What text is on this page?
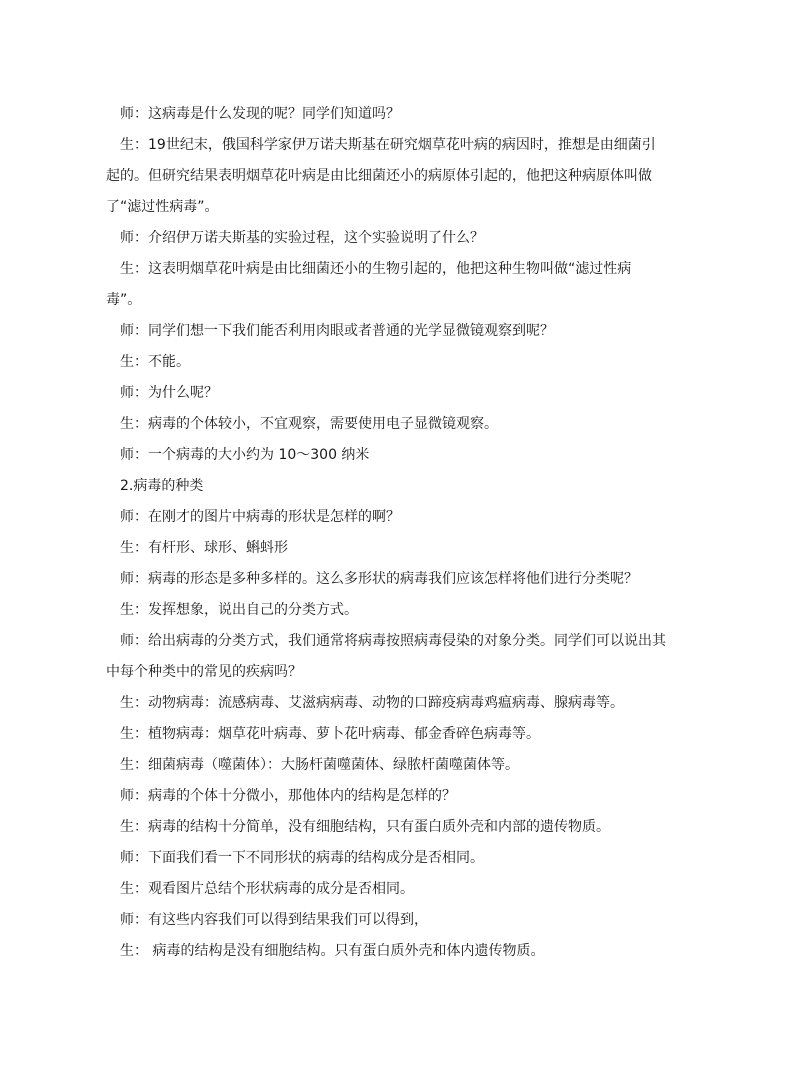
师：这病毒是什么发现的呢？同学们知道吗？

生：19世纪末，俄国科学家伊万诺夫斯基在研究烟草花叶病的病因时，推想是由细菌引起的。但研究结果表明烟草花叶病是由比细菌还小的病原体引起的，他把这种病原体叫做了“滤过性病毒”。

师：介绍伊万诺夫斯基的实验过程，这个实验说明了什么？

生：这表明烟草花叶病是由比细菌还小的生物引起的，他把这种生物叫做“滤过性病毒”。

师：同学们想一下我们能否利用肉眼或者普通的光学显微镜观察到呢？

生：不能。

师：为什么呢？

生：病毒的个体较小，不宜观察，需要使用电子显微镜观察。

师：一个病毒的大小约为 10～300 纳米

2.病毒的种类

师：在刚才的图片中病毒的形状是怎样的啊？

生：有杆形、球形、蝌蚪形

师：病毒的形态是多种多样的。这么多形状的病毒我们应该怎样将他们进行分类呢？

生：发挥想象，说出自己的分类方式。

师：给出病毒的分类方式，我们通常将病毒按照病毒侵染的对象分类。同学们可以说出其中每个种类中的常见的疾病吗？

生：动物病毒：流感病毒、艾滋病病毒、动物的口蹄疫病毒鸡瘟病毒、腺病毒等。

生：植物病毒：烟草花叶病毒、萝卜花叶病毒、郁金香碎色病毒等。

生：细菌病毒（噬菌体）：大肠杆菌噬菌体、绿脓杆菌噬菌体等。

师：病毒的个体十分微小，那他体内的结构是怎样的？

生：病毒的结构十分简单，没有细胞结构，只有蛋白质外壳和内部的遗传物质。

师：下面我们看一下不同形状的病毒的结构成分是否相同。

生：观看图片总结个形状病毒的成分是否相同。

师：有这些内容我们可以得到结果我们可以得到，

生： 病毒的结构是没有细胞结构。只有蛋白质外壳和体内遗传物质。
